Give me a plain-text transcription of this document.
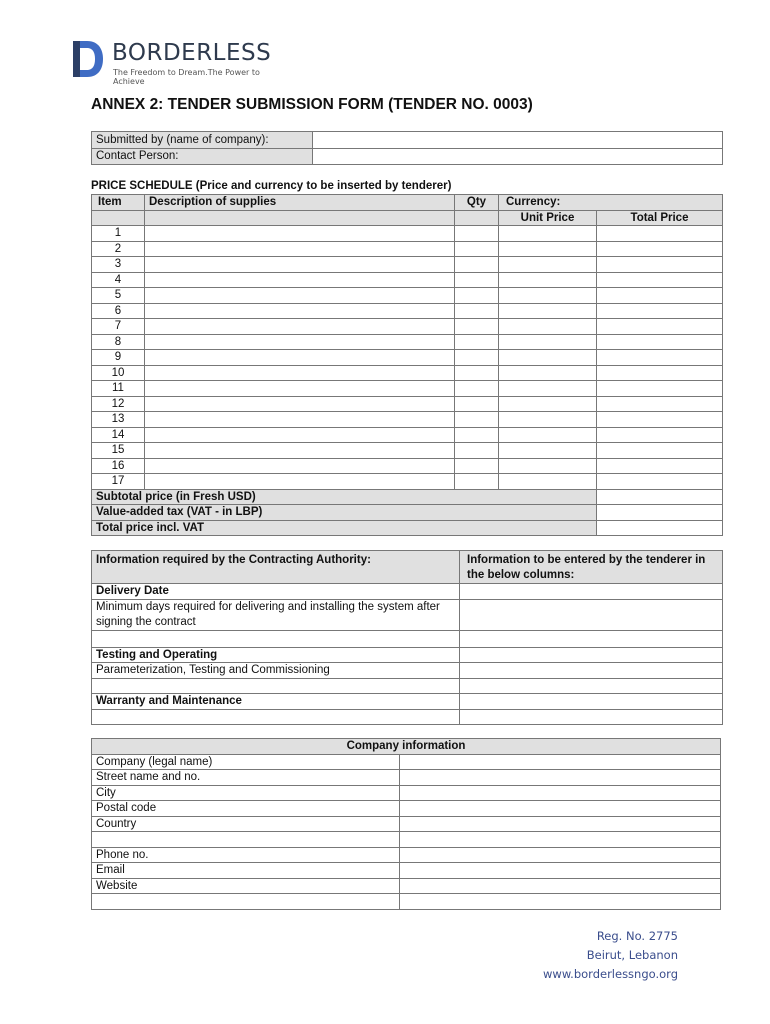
BORDERLESS
The Freedom to Dream.The Power to Achieve
ANNEX 2: TENDER SUBMISSION FORM (TENDER NO. 0003)
Submitted by (name of company):	
Contact Person:	
PRICE SCHEDULE (Price and currency to be inserted by tenderer)
Item	Description of supplies	Qty	Currency:	
			Unit Price	Total Price
1				
2				
3				
4				
5				
6				
7				
8				
9				
10				
11				
12				
13				
14				
15				
16				
17				
Subtotal price (in Fresh USD)				
Value-added tax (VAT - in LBP)				
Total price incl. VAT				
Information required by the Contracting Authority:	Information to be entered by the tenderer in the below columns:
Delivery Date	
Minimum days required for delivering and installing the system after signing the contract	

Testing and Operating	
Parameterization, Testing and Commissioning	

Warranty and Maintenance	

Company information	
Company (legal name)	
Street name and no.	
City	
Postal code	
Country	

Phone no.	
Email	
Website	

Reg. No. 2775
Beirut, Lebanon
www.borderlessngo.org
